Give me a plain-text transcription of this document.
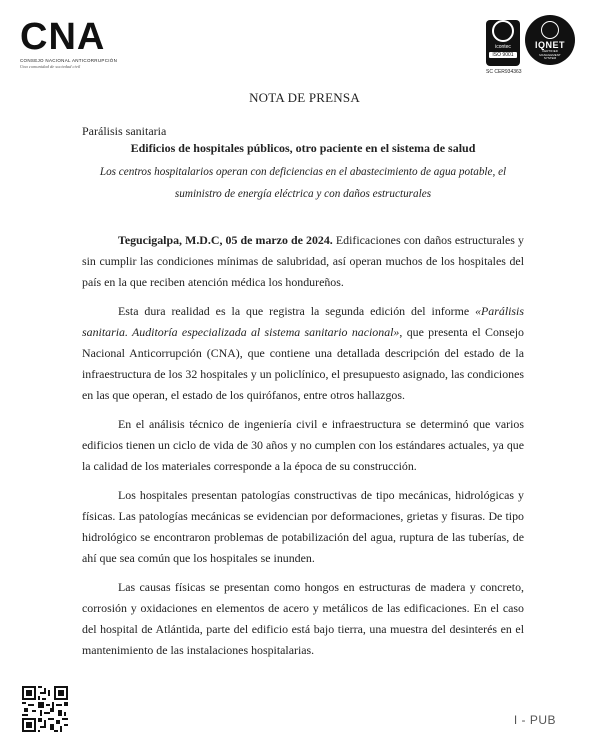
CNA
CONSEJO NACIONAL ANTICORRUPCIÓN
Una comunidad de sociedad civil
icontec
ISO 9001
SC CER934363
IQNET
CERTIFIED
MANAGEMENT
SYSTEM
NOTA DE PRENSA

Parálisis sanitaria

Edificios de hospitales públicos, otro paciente en el sistema de salud

Los centros hospitalarios operan con deficiencias en el abastecimiento de agua potable, el suministro de energía eléctrica y con daños estructurales

Tegucigalpa, M.D.C, 05 de marzo de 2024. Edificaciones con daños estructurales y sin cumplir las condiciones mínimas de salubridad, así operan muchos de los hospitales del país en la que reciben atención médica los hondureños.

Esta dura realidad es la que registra la segunda edición del informe «Parálisis sanitaria. Auditoría especializada al sistema sanitario nacional», que presenta el Consejo Nacional Anticorrupción (CNA), que contiene una detallada descripción del estado de la infraestructura de los 32 hospitales y un policlínico, el presupuesto asignado, las condiciones en las que operan, el estado de los quirófanos, entre otros hallazgos.

En el análisis técnico de ingeniería civil e infraestructura se determinó que varios edificios tienen un ciclo de vida de 30 años y no cumplen con los estándares actuales, ya que la calidad de los materiales corresponde a la época de su construcción.

Los hospitales presentan patologías constructivas de tipo mecánicas, hidrológicas y físicas. Las patologías mecánicas se evidencian por deformaciones, grietas y fisuras. De tipo hidrológico se encontraron problemas de potabilización del agua, ruptura de las tuberías, de ahí que sea común que los hospitales se inunden.

Las causas físicas se presentan como hongos en estructuras de madera y concreto, corrosión y oxidaciones en elementos de acero y metálicos de las edificaciones. En el caso del hospital de Atlántida, parte del edificio está bajo tierra, una muestra del desinterés en el mantenimiento de las instalaciones hospitalarias.

I - PUB
